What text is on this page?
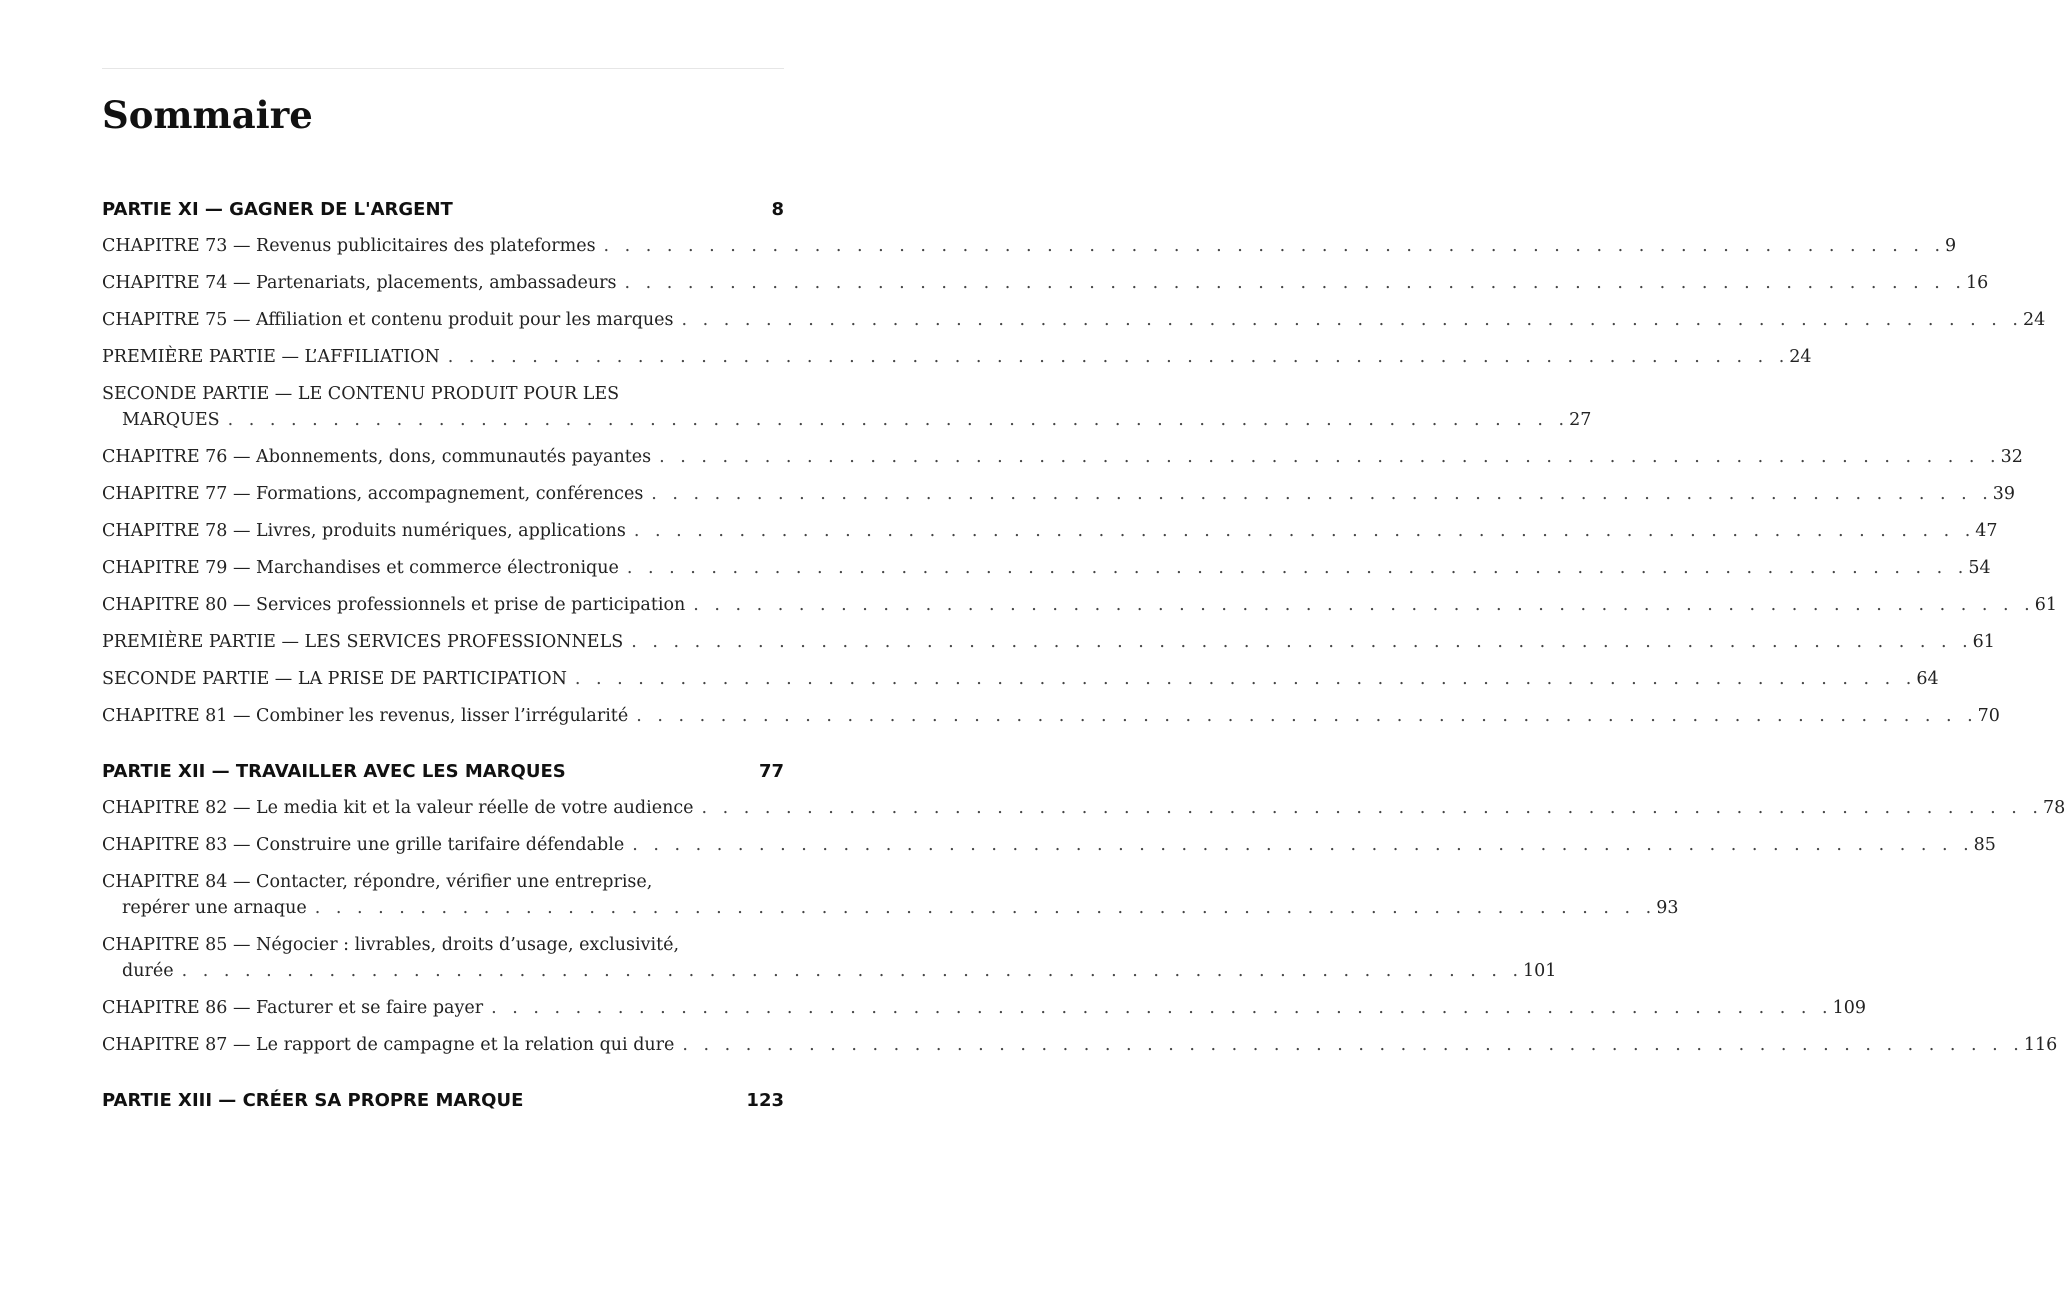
Sommaire
PARTIE XI — GAGNER DE L'ARGENT	8
CHAPITRE 73 — Revenus publicitaires des plateformes . . . . . . . . . . . . . . . . . . . . . . . . . . . . . . . . . . . . . . . . . . . . . . . . . . . . . . . . . . . . . . . . 9
CHAPITRE 74 — Partenariats, placements, ambassadeurs . . . . . . . . . . . . . . . . . . . . . . . . . . . . . . . . . . . . . . . . . . . . . . . . . . . . . . . . . . . . . . . . 16
CHAPITRE 75 — Affiliation et contenu produit pour les marques . . . . . . . . . . . . . . . . . . . . . . . . . . . . . . . . . . . . . . . . . . . . . . . . . . . . . . . . . . . . . . . . 24
PREMIÈRE PARTIE — L’AFFILIATION . . . . . . . . . . . . . . . . . . . . . . . . . . . . . . . . . . . . . . . . . . . . . . . . . . . . . . . . . . . . . . . . 24
SECONDE PARTIE — LE CONTENU PRODUIT POUR LES
MARQUES . . . . . . . . . . . . . . . . . . . . . . . . . . . . . . . . . . . . . . . . . . . . . . . . . . . . . . . . . . . . . . . . 27
CHAPITRE 76 — Abonnements, dons, communautés payantes . . . . . . . . . . . . . . . . . . . . . . . . . . . . . . . . . . . . . . . . . . . . . . . . . . . . . . . . . . . . . . . . 32
CHAPITRE 77 — Formations, accompagnement, conférences . . . . . . . . . . . . . . . . . . . . . . . . . . . . . . . . . . . . . . . . . . . . . . . . . . . . . . . . . . . . . . . . 39
CHAPITRE 78 — Livres, produits numériques, applications . . . . . . . . . . . . . . . . . . . . . . . . . . . . . . . . . . . . . . . . . . . . . . . . . . . . . . . . . . . . . . . . 47
CHAPITRE 79 — Marchandises et commerce électronique . . . . . . . . . . . . . . . . . . . . . . . . . . . . . . . . . . . . . . . . . . . . . . . . . . . . . . . . . . . . . . . . 54
CHAPITRE 80 — Services professionnels et prise de participation . . . . . . . . . . . . . . . . . . . . . . . . . . . . . . . . . . . . . . . . . . . . . . . . . . . . . . . . . . . . . . . . 61
PREMIÈRE PARTIE — LES SERVICES PROFESSIONNELS . . . . . . . . . . . . . . . . . . . . . . . . . . . . . . . . . . . . . . . . . . . . . . . . . . . . . . . . . . . . . . . . 61
SECONDE PARTIE — LA PRISE DE PARTICIPATION . . . . . . . . . . . . . . . . . . . . . . . . . . . . . . . . . . . . . . . . . . . . . . . . . . . . . . . . . . . . . . . . 64
CHAPITRE 81 — Combiner les revenus, lisser l’irrégularité . . . . . . . . . . . . . . . . . . . . . . . . . . . . . . . . . . . . . . . . . . . . . . . . . . . . . . . . . . . . . . . . 70
PARTIE XII — TRAVAILLER AVEC LES MARQUES	77
CHAPITRE 82 — Le media kit et la valeur réelle de votre audience . . . . . . . . . . . . . . . . . . . . . . . . . . . . . . . . . . . . . . . . . . . . . . . . . . . . . . . . . . . . . . . . 78
CHAPITRE 83 — Construire une grille tarifaire défendable . . . . . . . . . . . . . . . . . . . . . . . . . . . . . . . . . . . . . . . . . . . . . . . . . . . . . . . . . . . . . . . . 85
CHAPITRE 84 — Contacter, répondre, vérifier une entreprise,
repérer une arnaque . . . . . . . . . . . . . . . . . . . . . . . . . . . . . . . . . . . . . . . . . . . . . . . . . . . . . . . . . . . . . . . . 93
CHAPITRE 85 — Négocier : livrables, droits d’usage, exclusivité,
durée . . . . . . . . . . . . . . . . . . . . . . . . . . . . . . . . . . . . . . . . . . . . . . . . . . . . . . . . . . . . . . . . 101
CHAPITRE 86 — Facturer et se faire payer . . . . . . . . . . . . . . . . . . . . . . . . . . . . . . . . . . . . . . . . . . . . . . . . . . . . . . . . . . . . . . . . 109
CHAPITRE 87 — Le rapport de campagne et la relation qui dure . . . . . . . . . . . . . . . . . . . . . . . . . . . . . . . . . . . . . . . . . . . . . . . . . . . . . . . . . . . . . . . . 116
PARTIE XIII — CRÉER SA PROPRE MARQUE	123
